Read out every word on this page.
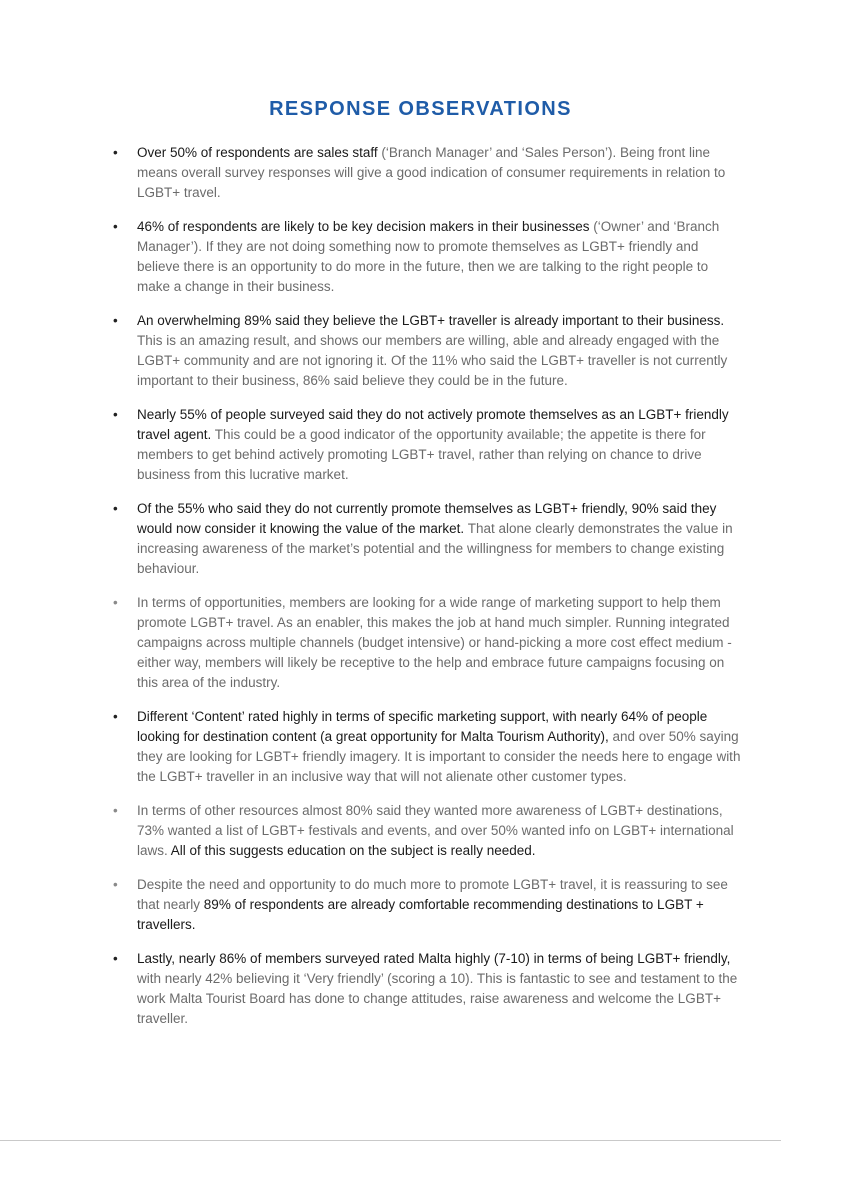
RESPONSE OBSERVATIONS
• Over 50% of respondents are sales staff (‘Branch Manager’ and ‘Sales Person’). Being front line means overall survey responses will give a good indication of consumer requirements in relation to LGBT+ travel.
• 46% of respondents are likely to be key decision makers in their businesses (‘Owner’ and ‘Branch Manager’). If they are not doing something now to promote themselves as LGBT+ friendly and believe there is an opportunity to do more in the future, then we are talking to the right people to make a change in their business.
• An overwhelming 89% said they believe the LGBT+ traveller is already important to their business. This is an amazing result, and shows our members are willing, able and already engaged with the LGBT+ community and are not ignoring it. Of the 11% who said the LGBT+ traveller is not currently important to their business, 86% said believe they could be in the future.
• Nearly 55% of people surveyed said they do not actively promote themselves as an LGBT+ friendly travel agent. This could be a good indicator of the opportunity available; the appetite is there for members to get behind actively promoting LGBT+ travel, rather than relying on chance to drive business from this lucrative market.
• Of the 55% who said they do not currently promote themselves as LGBT+ friendly, 90% said they would now consider it knowing the value of the market. That alone clearly demonstrates the value in increasing awareness of the market’s potential and the willingness for members to change existing behaviour.
• In terms of opportunities, members are looking for a wide range of marketing support to help them promote LGBT+ travel. As an enabler, this makes the job at hand much simpler. Running integrated campaigns across multiple channels (budget intensive) or hand-picking a more cost effect medium - either way, members will likely be receptive to the help and embrace future campaigns focusing on this area of the industry.
• Different ‘Content’ rated highly in terms of specific marketing support, with nearly 64% of people looking for destination content (a great opportunity for Malta Tourism Authority), and over 50% saying they are looking for LGBT+ friendly imagery. It is important to consider the needs here to engage with the LGBT+ traveller in an inclusive way that will not alienate other customer types.
• In terms of other resources almost 80% said they wanted more awareness of LGBT+ destinations, 73% wanted a list of LGBT+ festivals and events, and over 50% wanted info on LGBT+ international laws. All of this suggests education on the subject is really needed.
• Despite the need and opportunity to do much more to promote LGBT+ travel, it is reassuring to see that nearly 89% of respondents are already comfortable recommending destinations to LGBT + travellers.
• Lastly, nearly 86% of members surveyed rated Malta highly (7-10) in terms of being LGBT+ friendly, with nearly 42% believing it ‘Very friendly’ (scoring a 10). This is fantastic to see and testament to the work Malta Tourist Board has done to change attitudes, raise awareness and welcome the LGBT+ traveller.
